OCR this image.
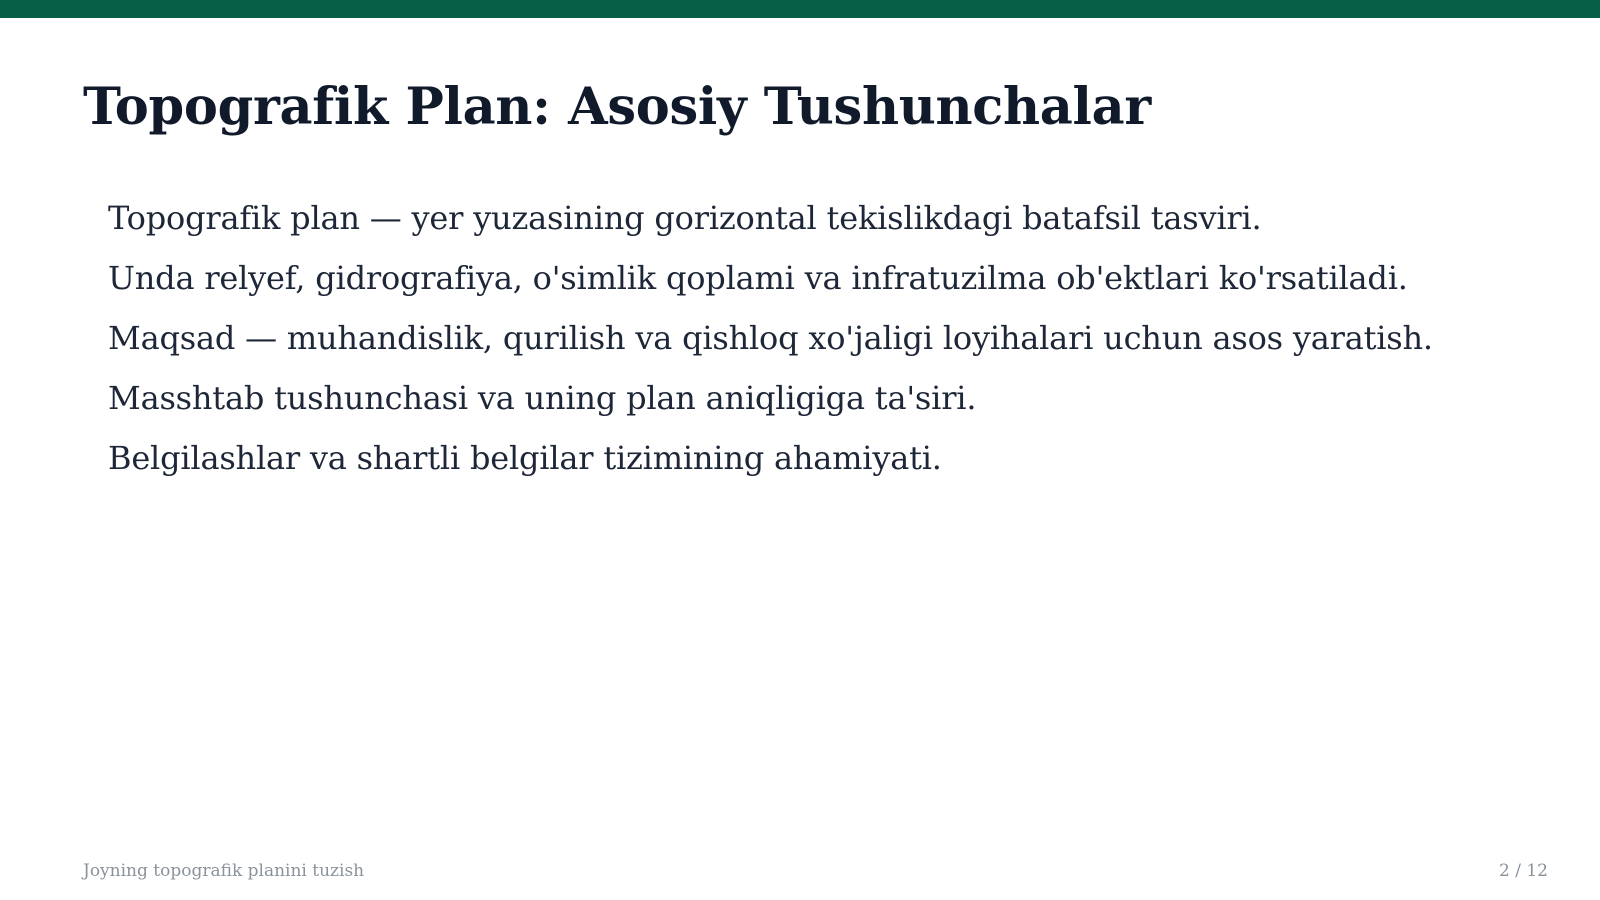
Topografik Plan: Asosiy Tushunchalar
Topografik plan — yer yuzasining gorizontal tekislikdagi batafsil tasviri.
Unda relyef, gidrografiya, o'simlik qoplami va infratuzilma ob'ektlari ko'rsatiladi.
Maqsad — muhandislik, qurilish va qishloq xo'jaligi loyihalari uchun asos yaratish.
Masshtab tushunchasi va uning plan aniqligiga ta'siri.
Belgilashlar va shartli belgilar tizimining ahamiyati.
Joyning topografik planini tuzish	2 / 12
